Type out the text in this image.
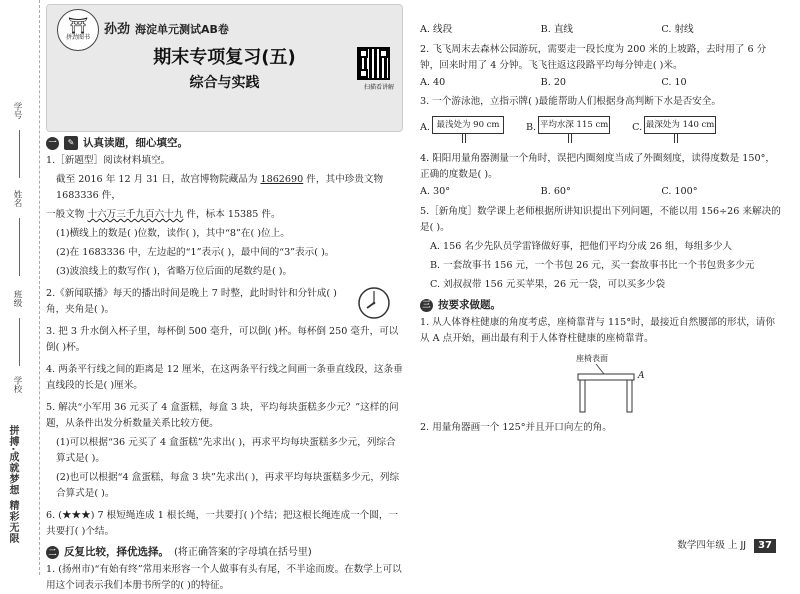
学号
姓名
班级
学校
拼搏·成就梦想 精彩无限
⛩
拼劲图书
孙劲 海淀单元测试AB卷
期末专项复习(五)
综合与实践	扫描看讲解
一	✎ 认真读题，细心填空。
1.［新题型］阅读材料填空。
截至 2016 年 12 月 31 日，故宫博物院藏品为 1862690 件，其中珍贵文物 1683336 件，
一般文物 十六万三千九百六十九 件，标本 15385 件。
(1)横线上的数是( )位数，读作( )，其中“8”在( )位上。
(2)在 1683336 中，左边起的“1”表示( )，最中间的“3”表示( )。
(3)波浪线上的数写作( )，省略万位后面的尾数约是( )。
2.《新闻联播》每天的播出时间是晚上 7 时整，此时时针和分针成( )角，夹角是( )。
3. 把 3 升水倒入杯子里，每杯倒 500 毫升，可以倒( )杯。每杯倒 250 毫升，可以倒( )杯。
4. 两条平行线之间的距离是 12 厘米，在这两条平行线之间画一条垂直线段，这条垂直线段的长是( )厘米。
5. 解决“小军用 36 元买了 4 盒蛋糕，每盒 3 块，平均每块蛋糕多少元？”这样的问题，从条件出发分析数量关系比较方便。
(1)可以根据“36 元买了 4 盒蛋糕”先求出( )，再求平均每块蛋糕多少元，列综合算式是( )。
(2)也可以根据“4 盒蛋糕，每盒 3 块”先求出( )，再求平均每块蛋糕多少元，列综合算式是( )。
6. (★★★) 7 根短绳连成 1 根长绳，一共要打( )个结；把这根长绳连成一个圆，一共要打( )个结。
二 反复比较，择优选择。 (将正确答案的字母填在括号里)
1. (扬州市)“有始有终”常用来形容一个人做事有头有尾，不半途而废。在数学上可以用这个词表示我们本册书所学的( )的特征。
A. 线段	B. 直线	C. 射线
2. 飞飞周末去森林公园游玩，需要走一段长度为 200 米的上坡路，去时用了 6 分钟，回来时用了 4 分钟。飞飞往返这段路平均每分钟走( )米。
A. 40	B. 20	C. 10
3. 一个游泳池，立指示牌( )最能帮助人们根据身高判断下水是否安全。
A. 最浅处为 90 cm	B. 平均水深 115 cm C. 最深处为 140 cm
4. 阳阳用量角器测量一个角时，误把内圈刻度当成了外圈刻度，读得度数是 150°，正确的度数是( )。
A. 30°	B. 60°	C. 100°
5.［新角度］数学课上老师根据所讲知识提出下列问题，不能以用 156÷26 来解决的是( )。
A. 156 名少先队员学雷锋做好事，把他们平均分成 26 组，每组多少人
B. 一套故事书 156 元，一个书包 26 元，买一套故事书比一个书包贵多少元
C. 刘叔叔带 156 元买苹果，26 元一袋，可以买多少袋
三 按要求做题。
1. 从人体脊柱健康的角度考虑，座椅靠背与 115°时，最接近自然腰部的形状，请你从 A 点开始，画出最有利于人体脊柱健康的座椅靠背。
座椅表面
A
2. 用量角器画一个 125°并且开口向左的角。
数学四年级 上 JJ	37
